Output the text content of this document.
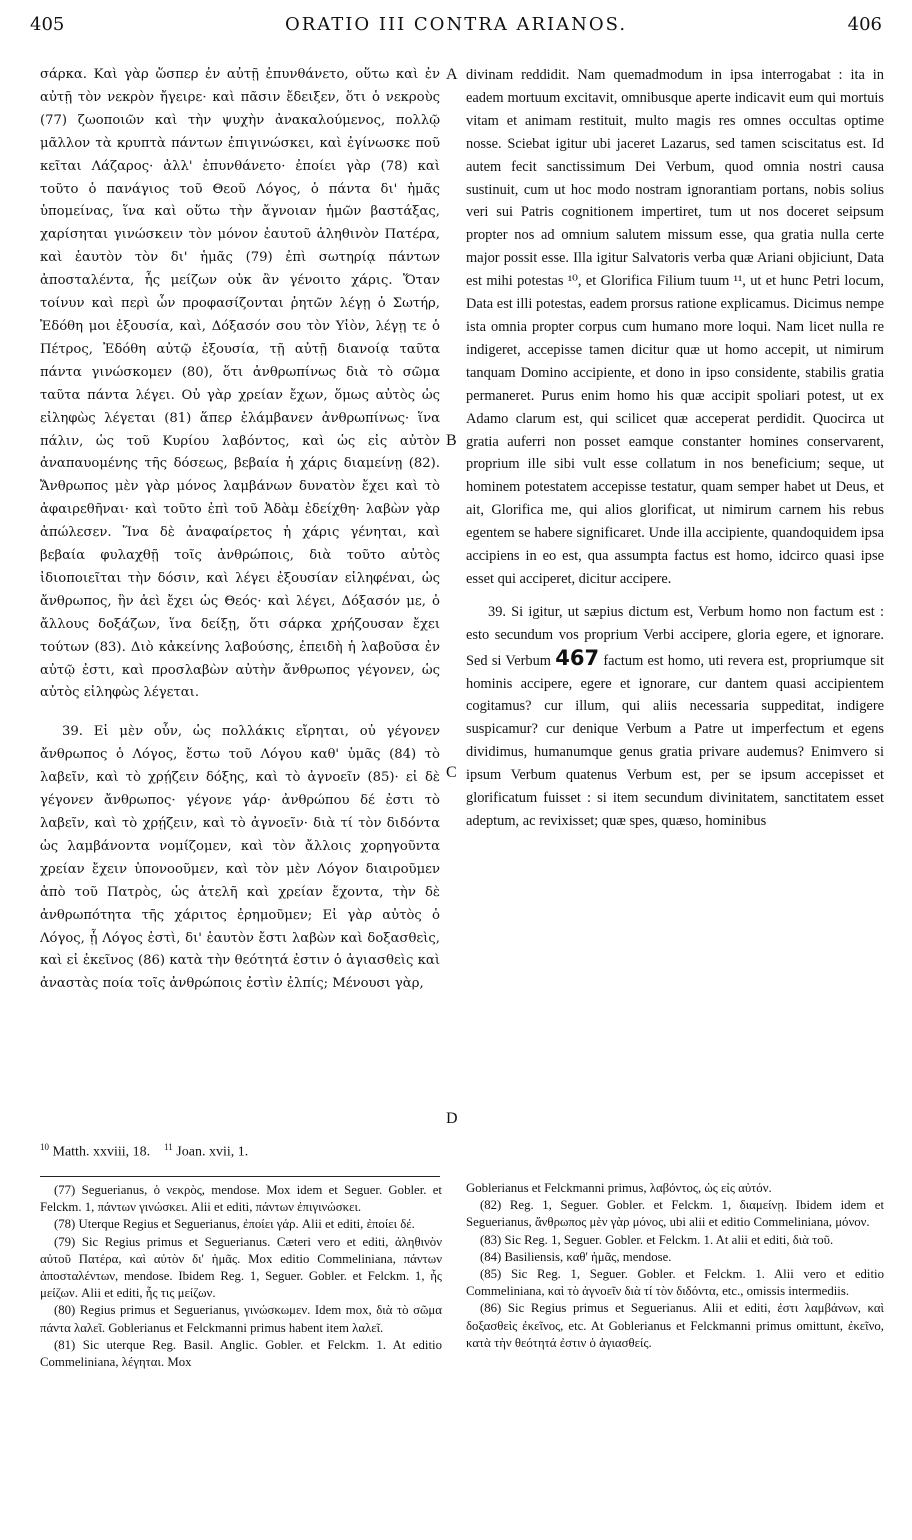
405	ORATIO III CONTRA ARIANOS.	406

σάρκα. Καὶ γὰρ ὥσπερ ἐν αὐτῇ ἐπυνθάνετο, οὕτω καὶ ἐν αὐτῇ τὸν νεκρὸν ἤγειρε· καὶ πᾶσιν ἔδειξεν, ὅτι ὁ νεκροὺς (77) ζωοποιῶν καὶ τὴν ψυχὴν ἀνακαλούμενος, πολλῷ μᾶλλον τὰ κρυπτὰ πάντων ἐπιγινώσκει, καὶ ἐγίνωσκε ποῦ κεῖται Λάζαρος· ἀλλ' ἐπυνθάνετο· ἐποίει γὰρ (78) καὶ τοῦτο ὁ πανάγιος τοῦ Θεοῦ Λόγος, ὁ πάντα δι' ἡμᾶς ὑπομείνας, ἵνα καὶ οὕτω τὴν ἄγνοιαν ἡμῶν βαστάξας, χαρίσηται γινώσκειν τὸν μόνον ἑαυτοῦ ἀληθινὸν Πατέρα, καὶ ἑαυτὸν τὸν δι' ἡμᾶς (79) ἐπὶ σωτηρίᾳ πάντων ἀποσταλέντα, ἧς μείζων οὐκ ἂν γένοιτο χάρις. Ὅταν τοίνυν καὶ περὶ ὧν προφασίζονται ῥητῶν λέγῃ ὁ Σωτήρ, Ἐδόθη μοι ἐξουσία, καὶ, Δόξασόν σου τὸν Υἱὸν, λέγῃ τε ὁ Πέτρος, Ἐδόθη αὐτῷ ἐξουσία, τῇ αὐτῇ διανοίᾳ ταῦτα πάντα γινώσκομεν (80), ὅτι ἀνθρωπίνως διὰ τὸ σῶμα ταῦτα πάντα λέγει. Οὐ γὰρ χρείαν ἔχων, ὅμως αὐτὸς ὡς εἰληφὼς λέγεται (81) ἅπερ ἐλάμβανεν ἀνθρωπίνως· ἵνα πάλιν, ὡς τοῦ Κυρίου λαβόντος, καὶ ὡς εἰς αὐτὸν ἀναπαυομένης τῆς δόσεως, βεβαία ἡ χάρις διαμείνῃ (82). Ἄνθρωπος μὲν γὰρ μόνος λαμβάνων δυνατὸν ἔχει καὶ τὸ ἀφαιρεθῆναι· καὶ τοῦτο ἐπὶ τοῦ Ἀδὰμ ἐδείχθη· λαβὼν γὰρ ἀπώλεσεν. Ἵνα δὲ ἀναφαίρετος ἡ χάρις γένηται, καὶ βεβαία φυλαχθῇ τοῖς ἀνθρώποις, διὰ τοῦτο αὐτὸς ἰδιοποιεῖται τὴν δόσιν, καὶ λέγει ἐξουσίαν εἰληφέναι, ὡς ἄνθρωπος, ἣν ἀεὶ ἔχει ὡς Θεός· καὶ λέγει, Δόξασόν με, ὁ ἄλλους δοξάζων, ἵνα δείξῃ, ὅτι σάρκα χρήζουσαν ἔχει τούτων (83). Διὸ κἀκείνης λαβούσης, ἐπειδὴ ἡ λαβοῦσα ἐν αὐτῷ ἐστι, καὶ προσλαβὼν αὐτὴν ἄνθρωπος γέγονεν, ὡς αὐτὸς εἰληφὼς λέγεται.

39. Εἰ μὲν οὖν, ὡς πολλάκις εἴρηται, οὐ γέγονεν ἄνθρωπος ὁ Λόγος, ἔστω τοῦ Λόγου καθ' ὑμᾶς (84) τὸ λαβεῖν, καὶ τὸ χρῄζειν δόξης, καὶ τὸ ἀγνοεῖν (85)· εἰ δὲ γέγονεν ἄνθρωπος· γέγονε γάρ· ἀνθρώπου δέ ἐστι τὸ λαβεῖν, καὶ τὸ χρῄζειν, καὶ τὸ ἀγνοεῖν· διὰ τί τὸν διδόντα ὡς λαμβάνοντα νομίζομεν, καὶ τὸν ἄλλοις χορηγοῦντα χρείαν ἔχειν ὑπονοοῦμεν, καὶ τὸν μὲν Λόγον διαιροῦμεν ἀπὸ τοῦ Πατρὸς, ὡς ἀτελῆ καὶ χρείαν ἔχοντα, τὴν δὲ ἀνθρωπότητα τῆς χάριτος ἐρημοῦμεν; Εἰ γὰρ αὐτὸς ὁ Λόγος, ᾗ Λόγος ἐστὶ, δι' ἑαυτὸν ἔστι λαβὼν καὶ δοξασθεὶς, καὶ εἰ ἐκεῖνος (86) κατὰ τὴν θεότητά ἐστιν ὁ ἁγιασθεὶς καὶ ἀναστὰς ποία τοῖς ἀνθρώποις ἐστὶν ἐλπίς; Μένουσι γὰρ,

A
B
C
D

divinam reddidit. Nam quemadmodum in ipsa interrogabat : ita in eadem mortuum excitavit, omnibusque aperte indicavit eum qui mortuis vitam et animam restituit, multo magis res omnes occultas optime nosse. Sciebat igitur ubi jaceret Lazarus, sed tamen sciscitatus est. Id autem fecit sanctissimum Dei Verbum, quod omnia nostri causa sustinuit, cum ut hoc modo nostram ignorantiam portans, nobis solius veri sui Patris cognitionem impertiret, tum ut nos doceret seipsum propter nos ad omnium salutem missum esse, qua gratia nulla certe major possit esse. Illa igitur Salvatoris verba quæ Ariani objiciunt, Data est mihi potestas ¹⁰, et Glorifica Filium tuum ¹¹, ut et hunc Petri locum, Data est illi potestas, eadem prorsus ratione explicamus. Dicimus nempe ista omnia propter corpus cum humano more loqui. Nam licet nulla re indigeret, accepisse tamen dicitur quæ ut homo accepit, ut nimirum tanquam Domino accipiente, et dono in ipso considente, stabilis gratia permaneret. Purus enim homo his quæ accipit spoliari potest, ut ex Adamo clarum est, qui scilicet quæ acceperat perdidit. Quocirca ut gratia auferri non posset eamque constanter homines conservarent, proprium ille sibi vult esse collatum in nos beneficium; seque, ut hominem potestatem accepisse testatur, quam semper habet ut Deus, et ait, Glorifica me, qui alios glorificat, ut nimirum carnem his rebus egentem se habere significaret. Unde illa accipiente, quandoquidem ipsa accipiens in eo est, qua assumpta factus est homo, idcirco quasi ipse esset qui acciperet, dicitur accipere.

39. Si igitur, ut sæpius dictum est, Verbum homo non factum est : esto secundum vos proprium Verbi accipere, gloria egere, et ignorare. Sed si Verbum 467 factum est homo, uti revera est, propriumque sit hominis accipere, egere et ignorare, cur dantem quasi accipientem cogitamus? cur illum, qui aliis necessaria suppeditat, indigere suspicamur? cur denique Verbum a Patre ut imperfectum et egens dividimus, humanumque genus gratia privare audemus? Enimvero si ipsum Verbum quatenus Verbum est, per se ipsum accepisset et glorificatum fuisset : si item secundum divinitatem, sanctitatem esset adeptum, ac revixisset; quæ spes, quæso, hominibus

$^{10}$ Matth. xxviii, 18. $^{11}$ Joan. xvii, 1.

(77) Seguerianus, ὁ νεκρὸς, mendose. Mox idem et Seguer. Gobler. et Felckm. 1, πάντων γινώσκει. Alii et editi, πάντων ἐπιγινώσκει.

(78) Uterque Regius et Seguerianus, ἐποίει γάρ. Alii et editi, ἐποίει δέ.

(79) Sic Regius primus et Seguerianus. Cæteri vero et editi, ἀληθινὸν αὐτοῦ Πατέρα, καὶ αὐτὸν δι' ἡμᾶς. Mox editio Commeliniana, πάντων ἀποσταλέντων, mendose. Ibidem Reg. 1, Seguer. Gobler. et Felckm. 1, ἧς μείζων. Alii et editi, ἧς τις μείζων.

(80) Regius primus et Seguerianus, γινώσκωμεν. Idem mox, διὰ τὸ σῶμα πάντα λαλεῖ. Goblerianus et Felckmanni primus habent item λαλεῖ.

(81) Sic uterque Reg. Basil. Anglic. Gobler. et Felckm. 1. At editio Commeliniana, λέγηται. Mox

Goblerianus et Felckmanni primus, λαβόντος, ὡς εἰς αὐτόν.

(82) Reg. 1, Seguer. Gobler. et Felckm. 1, διαμείνῃ. Ibidem idem et Seguerianus, ἄνθρωπος μὲν γὰρ μόνος, ubi alii et editio Commeliniana, μόνον.

(83) Sic Reg. 1, Seguer. Gobler. et Felckm. 1. At alii et editi, διὰ τοῦ.

(84) Basiliensis, καθ' ἡμᾶς, mendose.

(85) Sic Reg. 1, Seguer. Gobler. et Felckm. 1. Alii vero et editio Commeliniana, καὶ τὸ ἀγνοεῖν διὰ τί τὸν διδόντα, etc., omissis intermediis.

(86) Sic Regius primus et Seguerianus. Alii et editi, ἐστι λαμβάνων, καὶ δοξασθεὶς ἐκεῖνος, etc. At Goblerianus et Felckmanni primus omittunt, ἐκεῖνο, κατὰ τὴν θεότητά ἐστιν ὁ ἁγιασθείς.
